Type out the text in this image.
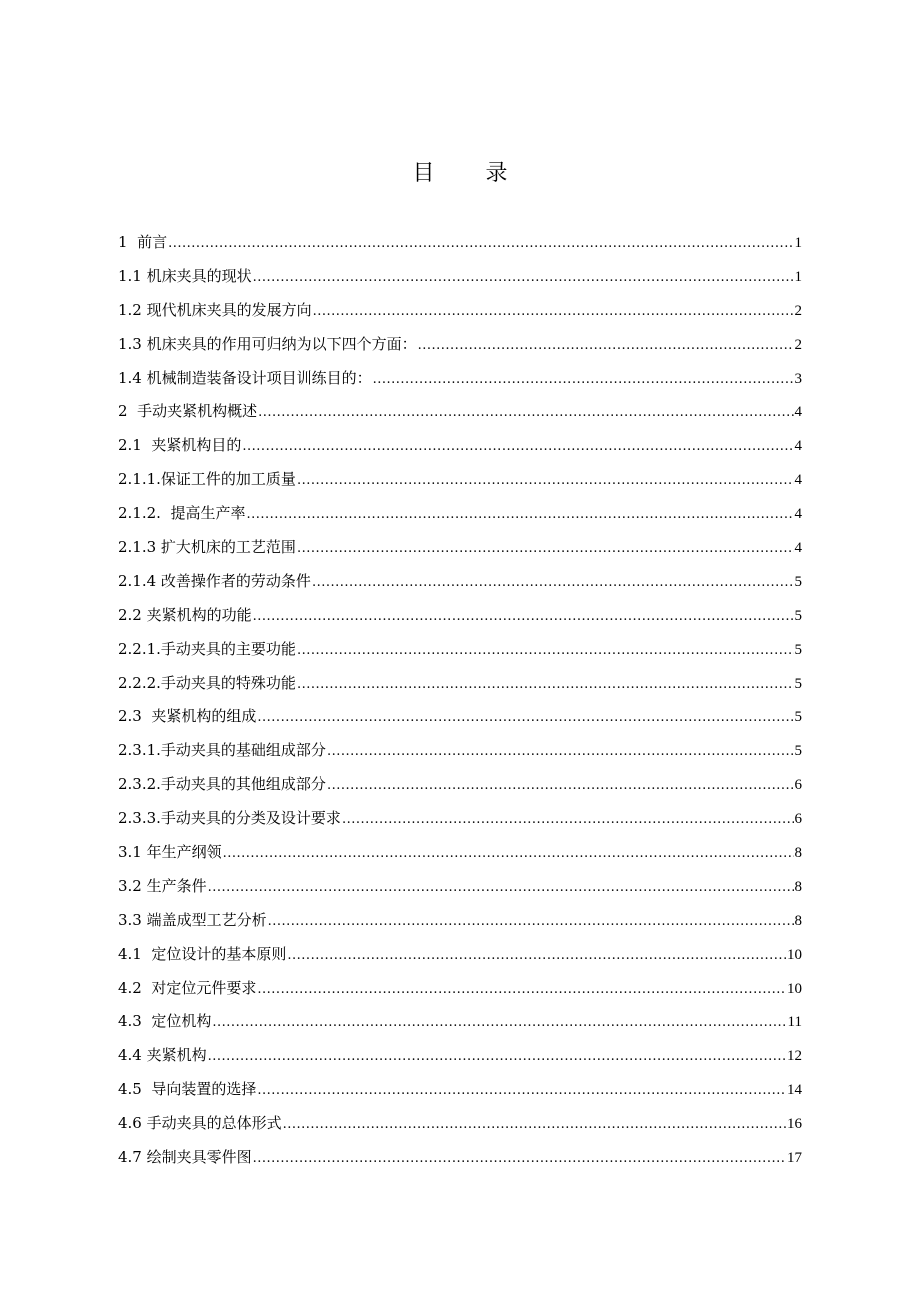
目 录
1  前言 .....	1
1.1 机床夹具的现状 .....	1
1.2 现代机床夹具的发展方向 .....	2
1.3 机床夹具的作用可归纳为以下四个方面： .....	2
1.4 机械制造装备设计项目训练目的： .....	3
2  手动夹紧机构概述 .....	4
2.1  夹紧机构目的 .....	4
2.1.1.保证工件的加工质量 .....	4
2.1.2.  提高生产率 .....	4
2.1.3 扩大机床的工艺范围 .....	4
2.1.4 改善操作者的劳动条件 .....	5
2.2 夹紧机构的功能 .....	5
2.2.1.手动夹具的主要功能 .....	5
2.2.2.手动夹具的特殊功能 .....	5
2.3  夹紧机构的组成 .....	5
2.3.1.手动夹具的基础组成部分 .....	5
2.3.2.手动夹具的其他组成部分 .....	6
2.3.3.手动夹具的分类及设计要求 .....	6
3.1 年生产纲领 .....	8
3.2 生产条件 .....	8
3.3 端盖成型工艺分析 .....	8
4.1  定位设计的基本原则 .....	10
4.2  对定位元件要求 .....	10
4.3  定位机构 .....	11
4.4 夹紧机构 .....	12
4.5  导向装置的选择 .....	14
4.6 手动夹具的总体形式 .....	16
4.7 绘制夹具零件图 .....	17
